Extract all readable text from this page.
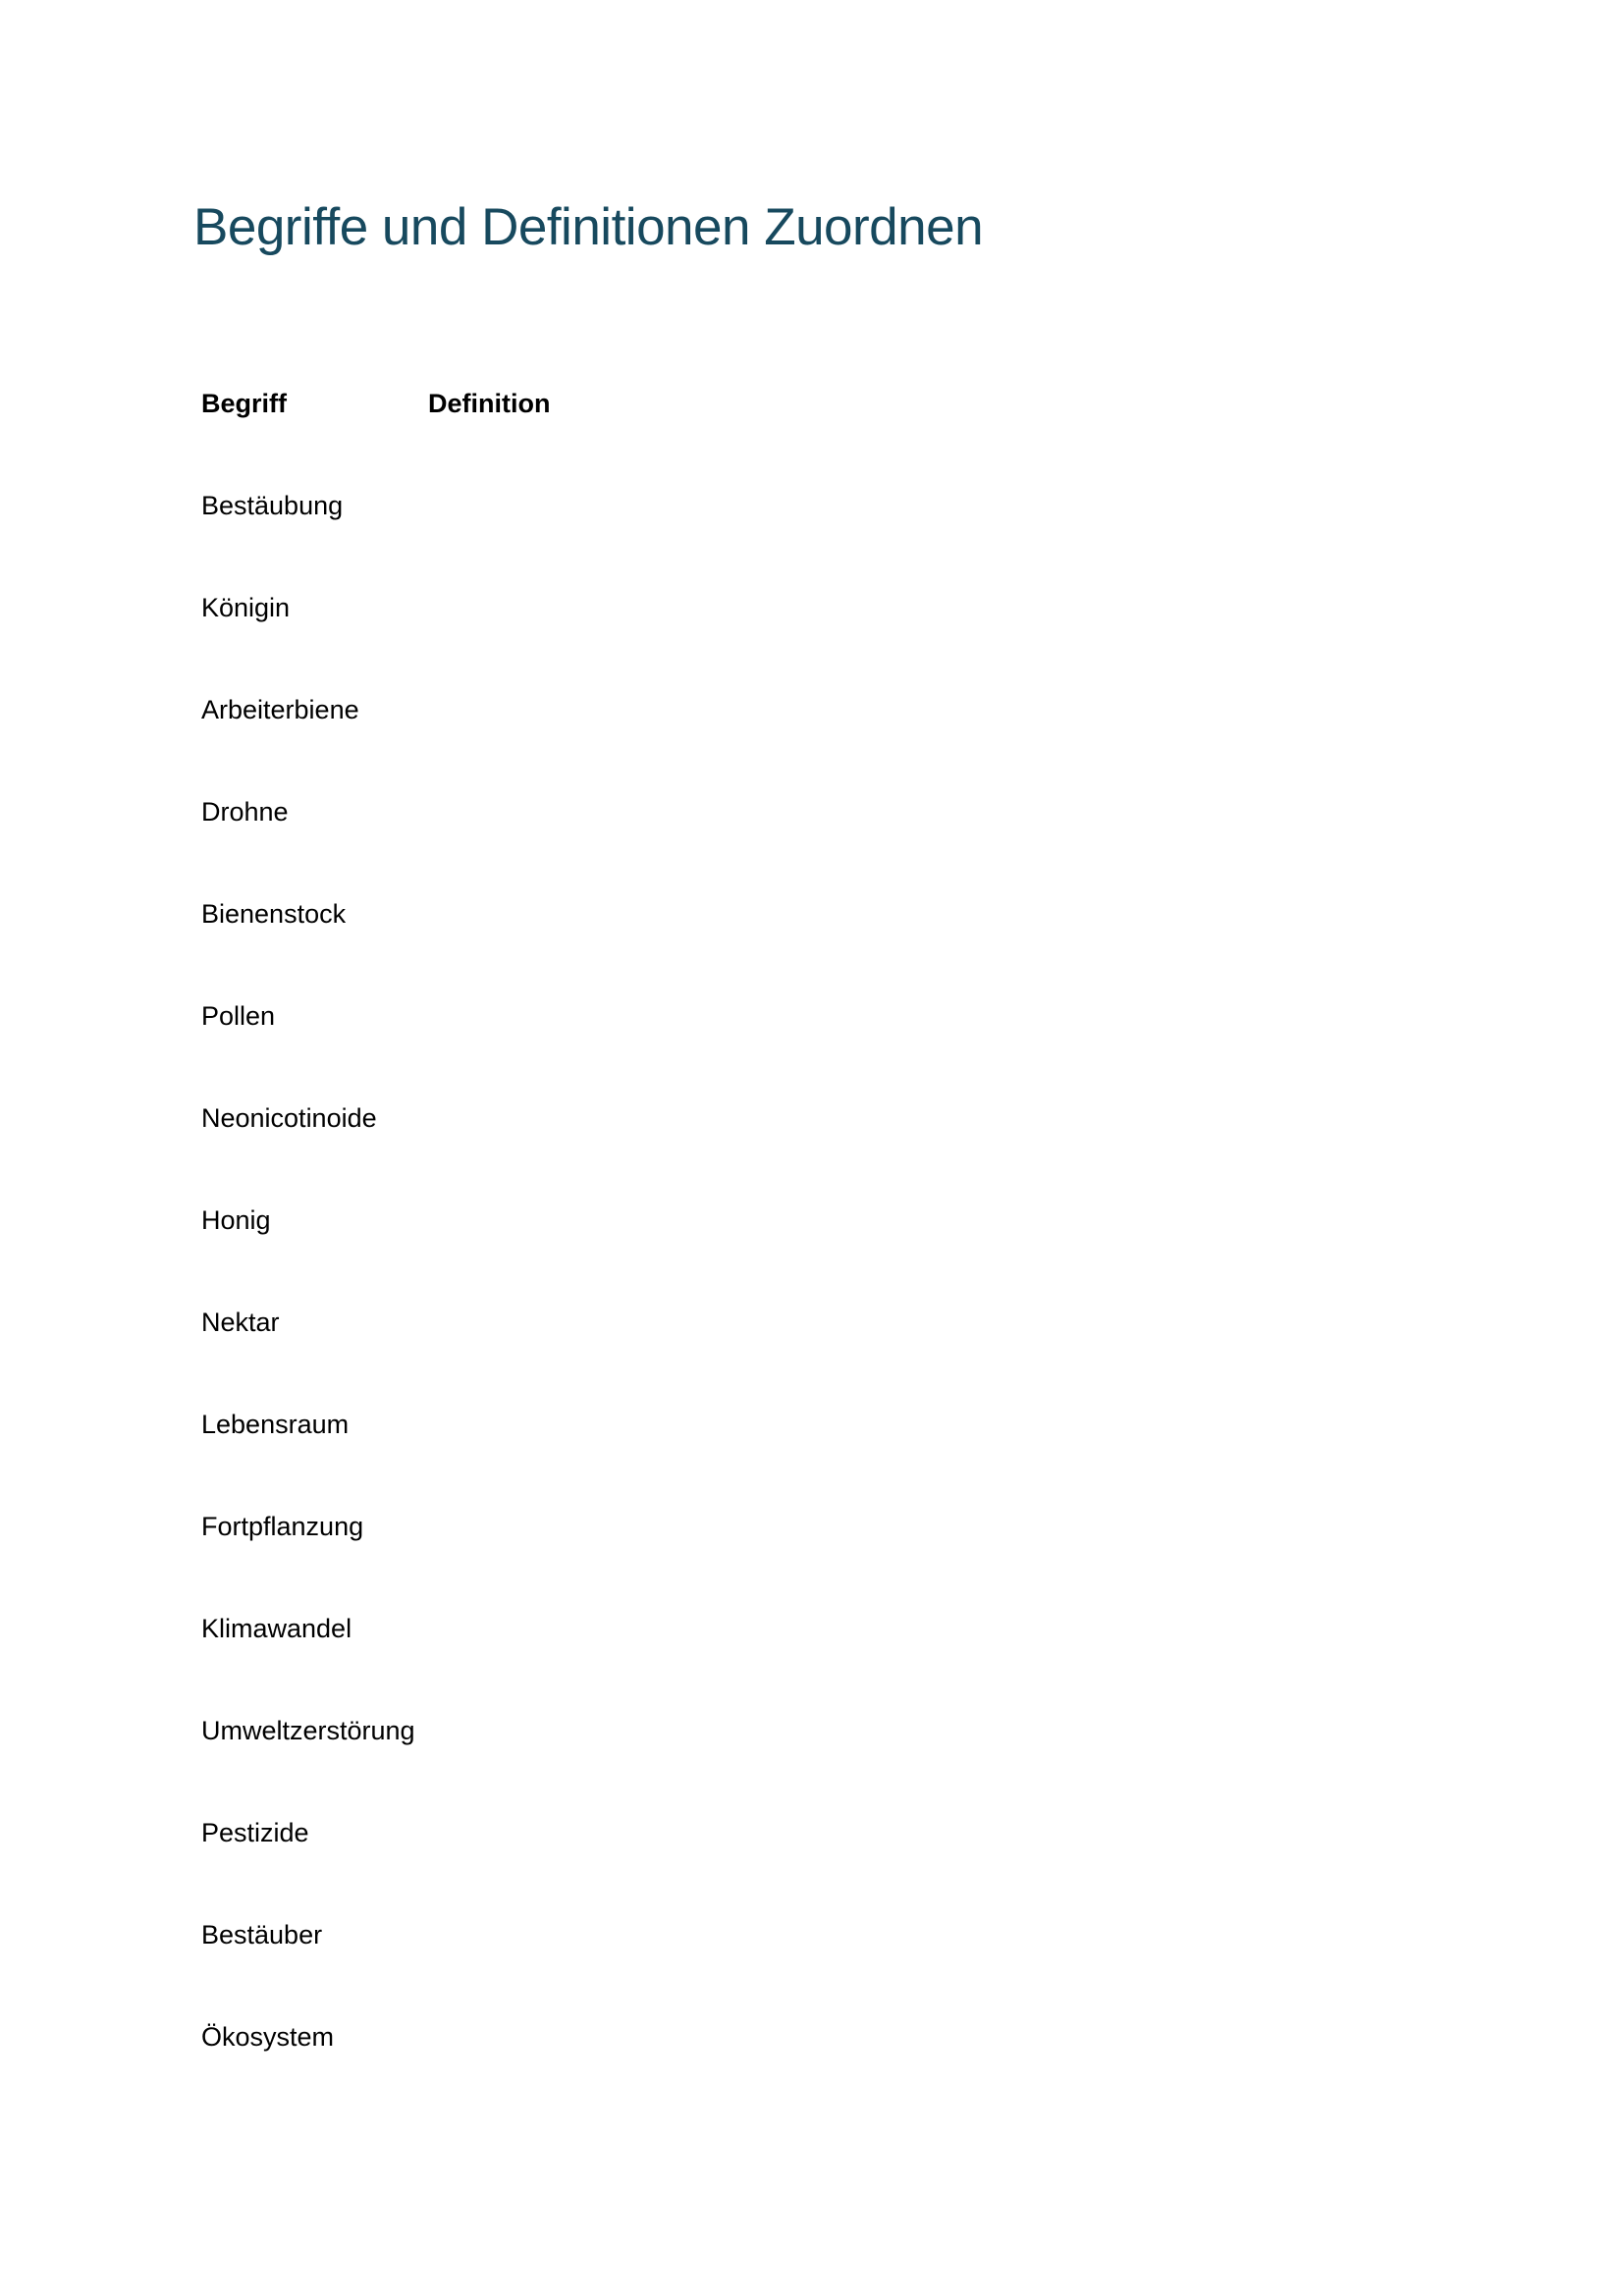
Begriffe und Definitionen Zuordnen
Begriff	Definition
Bestäubung	
Königin	
Arbeiterbiene	
Drohne	
Bienenstock	
Pollen	
Neonicotinoide	
Honig	
Nektar	
Lebensraum	
Fortpflanzung	
Klimawandel	
Umweltzerstörung	
Pestizide	
Bestäuber	
Ökosystem	
